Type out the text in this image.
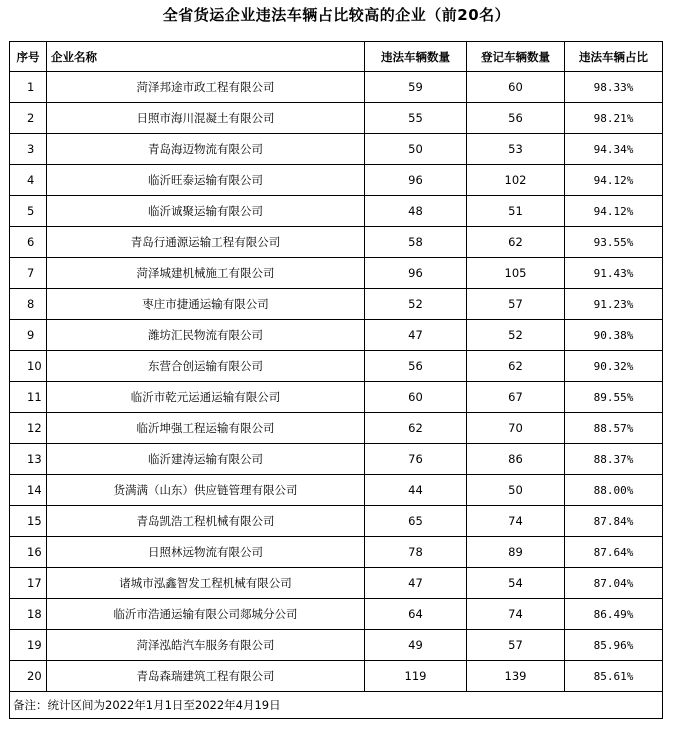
全省货运企业违法车辆占比较高的企业（前20名）
序号	企业名称	违法车辆数量	登记车辆数量	违法车辆占比
1	菏泽邦途市政工程有限公司	59	60	98.33%
2	日照市海川混凝土有限公司	55	56	98.21%
3	青岛海迈物流有限公司	50	53	94.34%
4	临沂旺泰运输有限公司	96	102	94.12%
5	临沂诚聚运输有限公司	48	51	94.12%
6	青岛行通源运输工程有限公司	58	62	93.55%
7	菏泽城建机械施工有限公司	96	105	91.43%
8	枣庄市捷通运输有限公司	52	57	91.23%
9	潍坊汇民物流有限公司	47	52	90.38%
10	东营合创运输有限公司	56	62	90.32%
11	临沂市乾元运通运输有限公司	60	67	89.55%
12	临沂坤强工程运输有限公司	62	70	88.57%
13	临沂建涛运输有限公司	76	86	88.37%
14	货满满（山东）供应链管理有限公司	44	50	88.00%
15	青岛凯浩工程机械有限公司	65	74	87.84%
16	日照林远物流有限公司	78	89	87.64%
17	诸城市泓鑫智发工程机械有限公司	47	54	87.04%
18	临沂市浩通运输有限公司郯城分公司	64	74	86.49%
19	菏泽泓皓汽车服务有限公司	49	57	85.96%
20	青岛森瑞建筑工程有限公司	119	139	85.61%
备注：统计区间为2022年1月1日至2022年4月19日				
